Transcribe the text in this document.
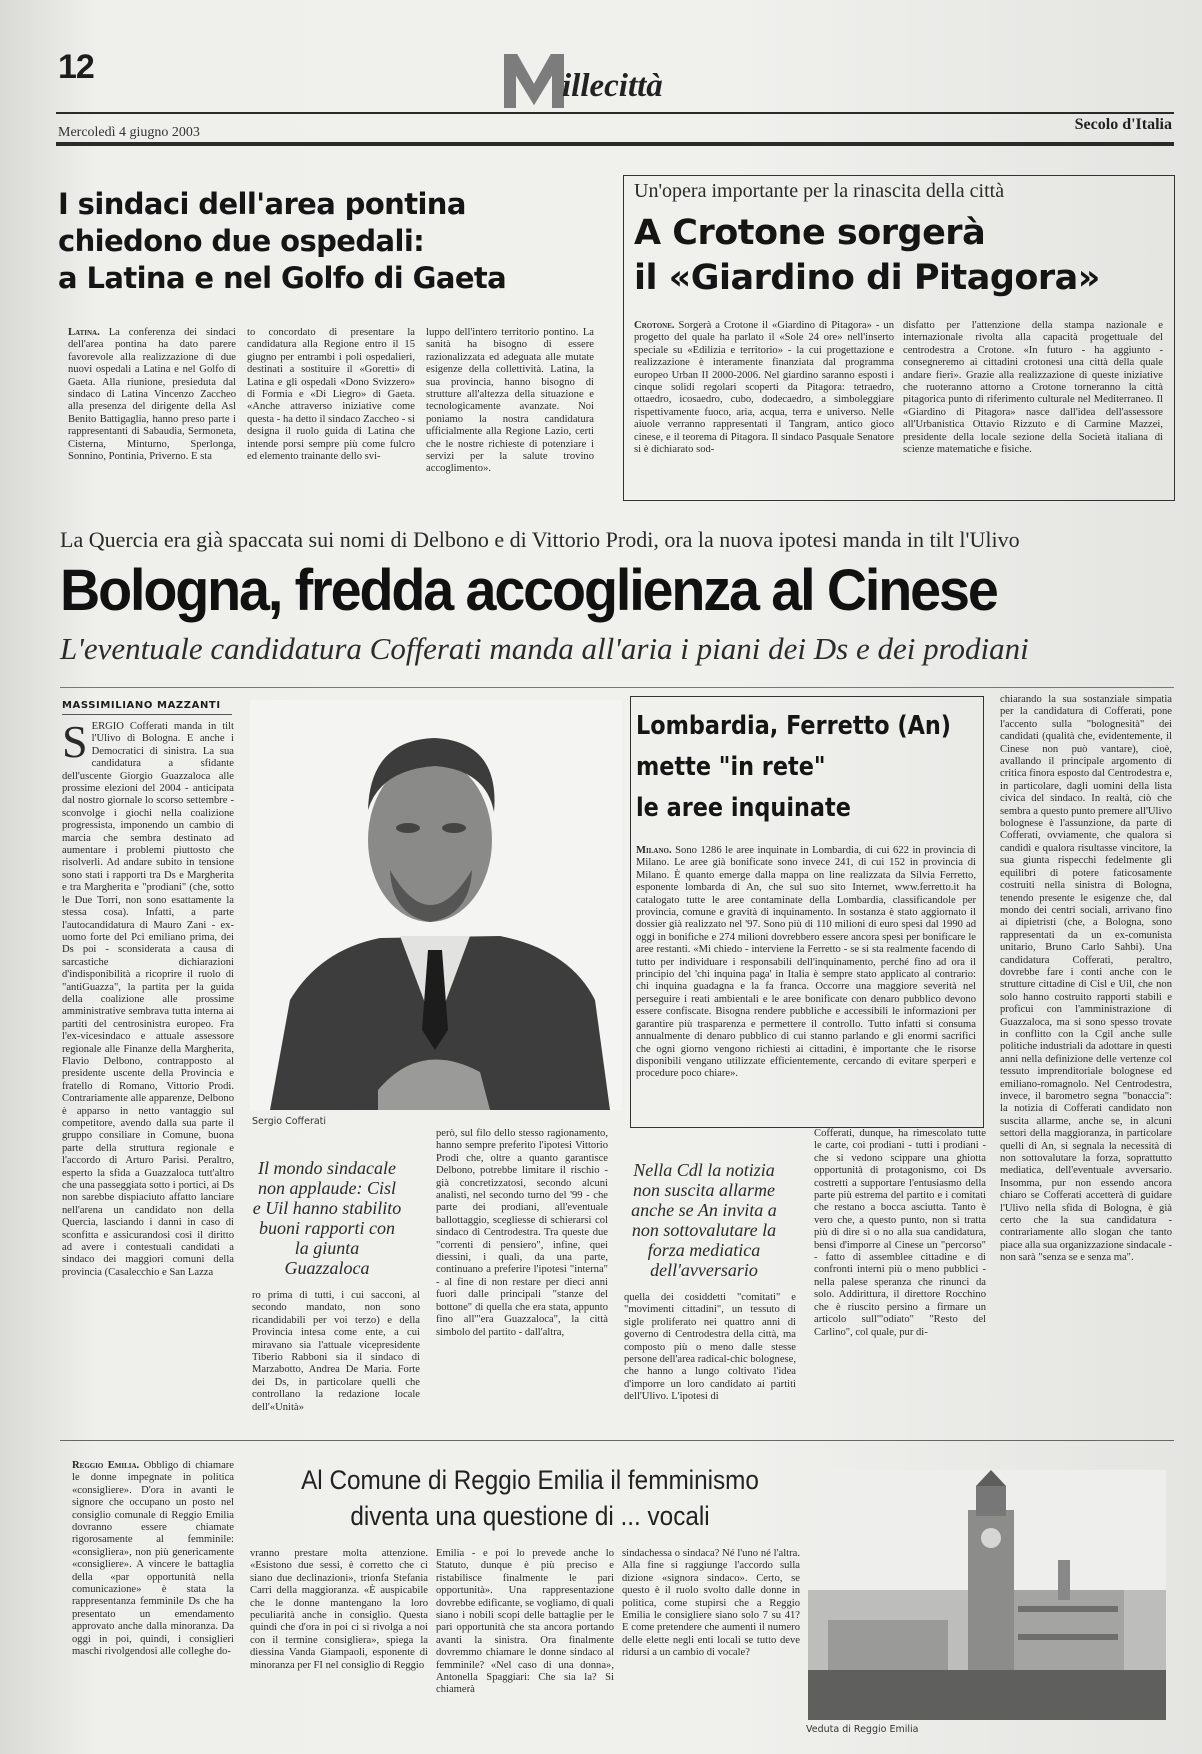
12	illecittà
Mercoledì 4 giugno 2003	Secolo d'Italia
I sindaci dell'area pontina
chiedono due ospedali:
a Latina e nel Golfo di Gaeta
Latina. La conferenza dei sindaci dell'area pontina ha dato parere favorevole alla realizzazione di due nuovi ospedali a Latina e nel Golfo di Gaeta. Alla riunione, presieduta dal sindaco di Latina Vincenzo Zaccheo alla presenza del dirigente della Asl Benito Battigaglia, hanno preso parte i rappresentanti di Sabaudia, Sermoneta, Cisterna, Minturno, Sperlonga, Sonnino, Pontinia, Priverno. E sta
to concordato di presentare la candidatura alla Regione entro il 15 giugno per entrambi i poli ospedalieri, destinati a sostituire il «Goretti» di Latina e gli ospedali «Dono Svizzero» di Formia e «Di Liegro» di Gaeta. «Anche attraverso iniziative come questa - ha detto il sindaco Zaccheo - si designa il ruolo guida di Latina che intende porsi sempre più come fulcro ed elemento trainante dello svi-
luppo dell'intero territorio pontino. La sanità ha bisogno di essere razionalizzata ed adeguata alle mutate esigenze della collettività. Latina, la sua provincia, hanno bisogno di strutture all'altezza della situazione e tecnologicamente avanzate. Noi poniamo la nostra candidatura ufficialmente alla Regione Lazio, certi che le nostre richieste di potenziare i servizi per la salute trovino accoglimento».
Un'opera importante per la rinascita della città
A Crotone sorgerà
il «Giardino di Pitagora»
Crotone. Sorgerà a Crotone il «Giardino di Pitagora» - un progetto del quale ha parlato il «Sole 24 ore» nell'inserto speciale su «Edilizia e territorio» - la cui progettazione e realizzazione è interamente finanziata dal programma europeo Urban II 2000-2006. Nel giardino saranno esposti i cinque solidi regolari scoperti da Pitagora: tetraedro, ottaedro, icosaedro, cubo, dodecaedro, a simboleggiare rispettivamente fuoco, aria, acqua, terra e universo. Nelle aiuole verranno rappresentati il Tangram, antico gioco cinese, e il teorema di Pitagora. Il sindaco Pasquale Senatore si è dichiarato sod-
disfatto per l'attenzione della stampa nazionale e internazionale rivolta alla capacità progettuale del centrodestra a Crotone. «In futuro - ha aggiunto - consegneremo ai cittadini crotonesi una città della quale andare fieri». Grazie alla realizzazione di queste iniziative che ruoteranno attorno a Crotone torneranno la città pitagorica punto di riferimento culturale nel Mediterraneo. Il «Giardino di Pitagora» nasce dall'idea dell'assessore all'Urbanistica Ottavio Rizzuto e di Carmine Mazzei, presidente della locale sezione della Società italiana di scienze matematiche e fisiche.
La Quercia era già spaccata sui nomi di Delbono e di Vittorio Prodi, ora la nuova ipotesi manda in tilt l'Ulivo
Bologna, fredda accoglienza al Cinese
L'eventuale candidatura Cofferati manda all'aria i piani dei Ds e dei prodiani
MASSIMILIANO MAZZANTI
S ERGIO Cofferati manda in tilt l'Ulivo di Bologna. E anche i Democratici di sinistra. La sua candidatura a sfidante dell'uscente Giorgio Guazzaloca alle prossime elezioni del 2004 - anticipata dal nostro giornale lo scorso settembre - sconvolge i giochi nella coalizione progressista, imponendo un cambio di marcia che sembra destinato ad aumentare i problemi piuttosto che risolverli. Ad andare subito in tensione sono stati i rapporti tra Ds e Margherita e tra Margherita e "prodiani" (che, sotto le Due Torri, non sono esattamente la stessa cosa). Infatti, a parte l'autocandidatura di Mauro Zani - ex-uomo forte del Pci emiliano prima, dei Ds poi - sconsiderata a causa di sarcastiche dichiarazioni d'indisponibilità a ricoprire il ruolo di "antiGuazza", la partita per la guida della coalizione alle prossime amministrative sembrava tutta interna ai partiti del centrosinistra europeo. Fra l'ex-vicesindaco e attuale assessore regionale alle Finanze della Margherita, Flavio Delbono, contrapposto al presidente uscente della Provincia e fratello di Romano, Vittorio Prodi. Contrariamente alle apparenze, Delbono è apparso in netto vantaggio sul competitore, avendo dalla sua parte il gruppo consiliare in Comune, buona parte della struttura regionale e l'accordo di Arturo Parisi. Peraltro, esperto la sfida a Guazzaloca tutt'altro che una passeggiata sotto i portici, ai Ds non sarebbe dispiaciuto affatto lanciare nell'arena un candidato non della Quercia, lasciando i danni in caso di sconfitta e assicurandosi così il diritto ad avere i contestuali candidati a sindaco dei maggiori comuni della provincia (Casalecchio e San Lazza
Sergio Cofferati
Il mondo sindacale non applaude: Cisl e Uil hanno stabilito buoni rapporti con la giunta Guazzaloca
ro prima di tutti, i cui sacconi, al secondo mandato, non sono ricandidabili per voi terzo) e della Provincia intesa come ente, a cui miravano sia l'attuale vicepresidente Tiberio Rabboni sia il sindaco di Marzabotto, Andrea De Maria. Forte dei Ds, in particolare quelli che controllano la redazione locale dell'«Unità»
però, sul filo dello stesso ragionamento, hanno sempre preferito l'ipotesi Vittorio Prodi che, oltre a quanto garantisce Delbono, potrebbe limitare il rischio - già concretizzatosi, secondo alcuni analisti, nel secondo turno del '99 - che parte dei prodiani, all'eventuale ballottaggio, scegliesse di schierarsi col sindaco di Centrodestra. Tra queste due "correnti di pensiero", infine, quei diessini, i quali, da una parte, continuano a preferire l'ipotesi "interna" - al fine di non restare per dieci anni fuori dalle principali "stanze del bottone" di quella che era stata, appunto fino all'"era Guazzaloca", la città simbolo del partito - dall'altra,
Lombardia, Ferretto (An)
mette "in rete"
le aree inquinate
Milano. Sono 1286 le aree inquinate in Lombardia, di cui 622 in provincia di Milano. Le aree già bonificate sono invece 241, di cui 152 in provincia di Milano. È quanto emerge dalla mappa on line realizzata da Silvia Ferretto, esponente lombarda di An, che sul suo sito Internet, www.ferretto.it ha catalogato tutte le aree contaminate della Lombardia, classificandole per provincia, comune e gravità di inquinamento. In sostanza è stato aggiornato il dossier già realizzato nel '97. Sono più di 110 milioni di euro spesi dal 1990 ad oggi in bonifiche e 274 milioni dovrebbero essere ancora spesi per bonificare le aree restanti. «Mi chiedo - interviene la Ferretto - se si sta realmente facendo di tutto per individuare i responsabili dell'inquinamento, perché fino ad ora il principio del 'chi inquina paga' in Italia è sempre stato applicato al contrario: chi inquina guadagna e la fa franca. Occorre una maggiore severità nel perseguire i reati ambientali e le aree bonificate con denaro pubblico devono essere confiscate. Bisogna rendere pubbliche e accessibili le informazioni per garantire più trasparenza e permettere il controllo. Tutto infatti si consuma annualmente di denaro pubblico di cui stanno parlando e gli enormi sacrifici che ogni giorno vengono richiesti ai cittadini, è importante che le risorse disponibili vengano utilizzate efficientemente, cercando di evitare sperperi e procedure poco chiare».
Nella Cdl la notizia non suscita allarme anche se An invita a non sottovalutare la forza mediatica dell'avversario
quella dei cosiddetti "comitati" e "movimenti cittadini", un tessuto di sigle proliferato nei quattro anni di governo di Centrodestra della città, ma composto più o meno dalle stesse persone dell'area radical-chic bolognese, che hanno a lungo coltivato l'idea d'imporre un loro candidato ai partiti dell'Ulivo. L'ipotesi di
Cofferati, dunque, ha rimescolato tutte le carte, coi prodiani - tutti i prodiani - che si vedono scippare una ghiotta opportunità di protagonismo, coi Ds costretti a supportare l'entusiasmo della parte più estrema del partito e i comitati che restano a bocca asciutta. Tanto è vero che, a questo punto, non si tratta più di dire sì o no alla sua candidatura, bensì d'imporre al Cinese un "percorso" - fatto di assemblee cittadine e di confronti interni più o meno pubblici - nella palese speranza che rinunci da solo. Addirittura, il direttore Rocchino che è riuscito persino a firmare un articolo sull'"odiato" "Resto del Carlino", col quale, pur di-
chiarando la sua sostanziale simpatia per la candidatura di Cofferati, pone l'accento sulla "bolognesità" dei candidati (qualità che, evidentemente, il Cinese non può vantare), cioè, avallando il principale argomento di critica finora esposto dal Centrodestra e, in particolare, dagli uomini della lista civica del sindaco. In realtà, ciò che sembra a questo punto premere all'Ulivo bolognese è l'assunzione, da parte di Cofferati, ovviamente, che qualora si candidi e qualora risultasse vincitore, la sua giunta rispecchi fedelmente gli equilibri di potere faticosamente costruiti nella sinistra di Bologna, tenendo presente le esigenze che, dal mondo dei centri sociali, arrivano fino ai dipietristi (che, a Bologna, sono rappresentati da un ex-comunista unitario, Bruno Carlo Sahbi). Una candidatura Cofferati, peraltro, dovrebbe fare i conti anche con le strutture cittadine di Cisl e Uil, che non solo hanno costruito rapporti stabili e proficui con l'amministrazione di Guazzaloca, ma si sono spesso trovate in conflitto con la Cgil anche sulle politiche industriali da adottare in questi anni nella definizione delle vertenze col tessuto imprenditoriale bolognese ed emiliano-romagnolo. Nel Centrodestra, invece, il barometro segna "bonaccia": la notizia di Cofferati candidato non suscita allarme, anche se, in alcuni settori della maggioranza, in particolare quelli di An, si segnala la necessità di non sottovalutare la forza, soprattutto mediatica, dell'eventuale avversario. Insomma, pur non essendo ancora chiaro se Cofferati accetterà di guidare l'Ulivo nella sfida di Bologna, è già certo che la sua candidatura - contrariamente allo slogan che tanto piace alla sua organizzazione sindacale - non sarà "senza se e senza ma".
Reggio Emilia. Obbligo di chiamare le donne impegnate in politica «consigliere». D'ora in avanti le signore che occupano un posto nel consiglio comunale di Reggio Emilia dovranno essere chiamate rigorosamente al femminile: «consigliera», non più genericamente «consigliere». A vincere le battaglia della «par opportunità nella comunicazione» è stata la rappresentanza femminile Ds che ha presentato un emendamento approvato anche dalla minoranza. Da oggi in poi, quindi, i consiglieri maschi rivolgendosi alle colleghe do-
Al Comune di Reggio Emilia il femminismo
diventa una questione di ... vocali
vranno prestare molta attenzione. «Esistono due sessi, è corretto che ci siano due declinazioni», trionfa Stefania Carri della maggioranza. «È auspicabile che le donne mantengano la loro peculiarità anche in consiglio. Questa quindi che d'ora in poi ci si rivolga a noi con il termine consigliera», spiega la diessina Vanda Giampaoli, esponente di minoranza per FI nel consiglio di Reggio
Emilia - e poi lo prevede anche lo Statuto, dunque è più preciso e ristabilisce finalmente le pari opportunità». Una rappresentazione dovrebbe edificante, se vogliamo, di quali siano i nobili scopi delle battaglie per le pari opportunità che sta ancora portando avanti la sinistra. Ora finalmente dovremmo chiamare le donne sindaco al femminile? «Nel caso di una donna», Antonella Spaggiari: Che sia la? Si chiamerà
sindachessa o sindaca? Né l'uno né l'altra. Alla fine si raggiunge l'accordo sulla dizione «signora sindaco». Certo, se questo è il ruolo svolto dalle donne in politica, come stupirsi che a Reggio Emilia le consigliere siano solo 7 su 41? E come pretendere che aumenti il numero delle elette negli enti locali se tutto deve ridursi a un cambio di vocale?
Veduta di Reggio Emilia
